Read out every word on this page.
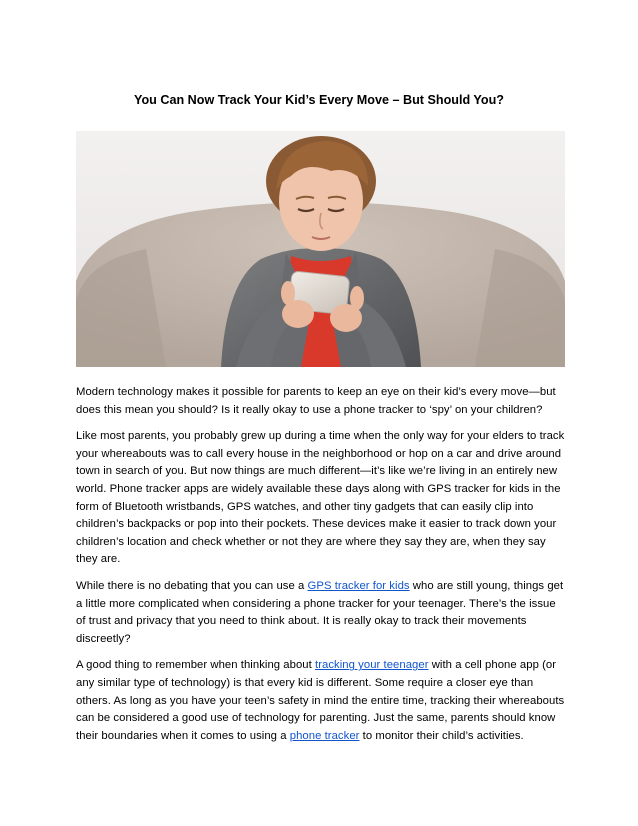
You Can Now Track Your Kid’s Every Move – But Should You?

Modern technology makes it possible for parents to keep an eye on their kid’s every move—but does this mean you should? Is it really okay to use a phone tracker to ‘spy’ on your children?

Like most parents, you probably grew up during a time when the only way for your elders to track your whereabouts was to call every house in the neighborhood or hop on a car and drive around town in search of you. But now things are much different—it’s like we’re living in an entirely new world. Phone tracker apps are widely available these days along with GPS tracker for kids in the form of Bluetooth wristbands, GPS watches, and other tiny gadgets that can easily clip into children’s backpacks or pop into their pockets. These devices make it easier to track down your children’s location and check whether or not they are where they say they are, when they say they are.

While there is no debating that you can use a GPS tracker for kids who are still young, things get a little more complicated when considering a phone tracker for your teenager. There’s the issue of trust and privacy that you need to think about. It is really okay to track their movements discreetly?

A good thing to remember when thinking about tracking your teenager with a cell phone app (or any similar type of technology) is that every kid is different. Some require a closer eye than others. As long as you have your teen’s safety in mind the entire time, tracking their whereabouts can be considered a good use of technology for parenting. Just the same, parents should know their boundaries when it comes to using a phone tracker to monitor their child’s activities.
